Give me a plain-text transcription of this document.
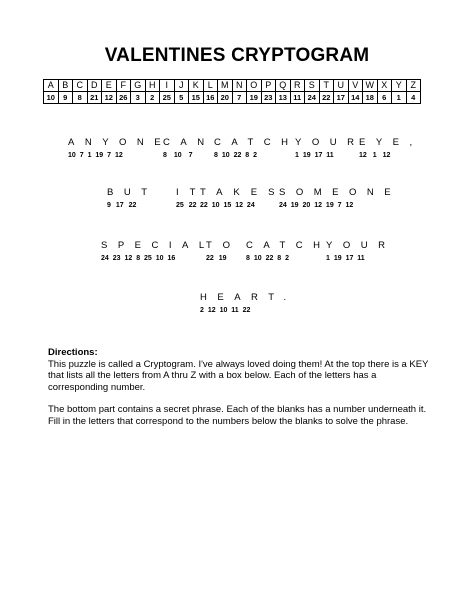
VALENTINES CRYPTOGRAM
A	B	C	D	E	F	G	H	I	J	K	L	M	N	O	P	Q	R	S	T	U	V	W	X	Y	Z
10	9	8	21	12	26	3	2	25	5	15	16	20	7	19	23	13	11	24	22	17	14	18	6	1	4
ANYONE
10 7 1 19 7 12
CAN
8 10 7
CATCH
8 10 22 8 2
YOUR
1 19 17 11
EYE,
12 1 12
BUT
9 17 22
IT
25 22
TAKES
22 10 15 12 24
SOMEONE
24 19 20 12 19 7 12
SPECIAL
24 23 12 8 25 10 16
TO
22 19
CATCH
8 10 22 8 2
YOUR
1 19 17 11
HEART.
2 12 10 11 22
Directions:

This puzzle is called a Cryptogram. I've always loved doing them! At the top there is a KEY that lists all the letters from A thru Z with a box below. Each of the letters has a corresponding number.

The bottom part contains a secret phrase. Each of the blanks has a number underneath it. Fill in the letters that correspond to the numbers below the blanks to solve the phrase.
